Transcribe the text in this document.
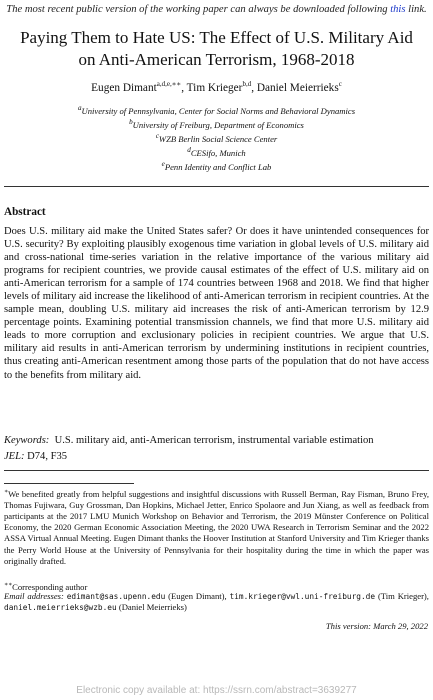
The most recent public version of the working paper can always be downloaded following this link.
Paying Them to Hate US: The Effect of U.S. Military Aid on Anti-American Terrorism, 1968-2018
Eugen Dimant$^{a,d,e,∗∗}$, Tim Krieger$^{b,d}$, Daniel Meierrieks$^c$
$^a$University of Pennsylvania, Center for Social Norms and Behavioral Dynamics
$^b$University of Freiburg, Department of Economics
$^c$WZB Berlin Social Science Center
$^d$CESifo, Munich
$^e$Penn Identity and Conflict Lab
Abstract
Does U.S. military aid make the United States safer? Or does it have unintended consequences for U.S. security? By exploiting plausibly exogenous time variation in global levels of U.S. military aid and cross-national time-series variation in the relative importance of the various military aid programs for recipient countries, we provide causal estimates of the effect of U.S. military aid on anti-American terrorism for a sample of 174 countries between 1968 and 2018. We find that higher levels of military aid increase the likelihood of anti-American terrorism in recipient countries. At the sample mean, doubling U.S. military aid increases the risk of anti-American terrorism by 12.9 percentage points. Examining potential transmission channels, we find that more U.S. military aid leads to more corruption and exclusionary policies in recipient countries. We argue that U.S. military aid results in anti-American terrorism by undermining institutions in recipient countries, thus creating anti-American resentment among those parts of the population that do not have access to the benefits from military aid.
Keywords: U.S. military aid, anti-American terrorism, instrumental variable estimation
JEL: D74, F35
∗We benefited greatly from helpful suggestions and insightful discussions with Russell Berman, Ray Fisman, Bruno Frey, Thomas Fujiwara, Guy Grossman, Dan Hopkins, Michael Jetter, Enrico Spolaore and Jun Xiang, as well as feedback from participants at the 2017 LMU Munich Workshop on Behavior and Terrorism, the 2019 Münster Conference on Political Economy, the 2020 German Economic Association Meeting, the 2020 UWA Research in Terrorism Seminar and the 2022 ASSA Virtual Annual Meeting. Eugen Dimant thanks the Hoover Institution at Stanford University and Tim Krieger thanks the Perry World House at the University of Pennsylvania for their hospitality during the time in which the paper was originally drafted.
∗∗Corresponding author
Email addresses: edimant@sas.upenn.edu (Eugen Dimant), tim.krieger@vwl.uni-freiburg.de (Tim Krieger), daniel.meierrieks@wzb.eu (Daniel Meierrieks)
This version: March 29, 2022
Electronic copy available at: https://ssrn.com/abstract=3639277
